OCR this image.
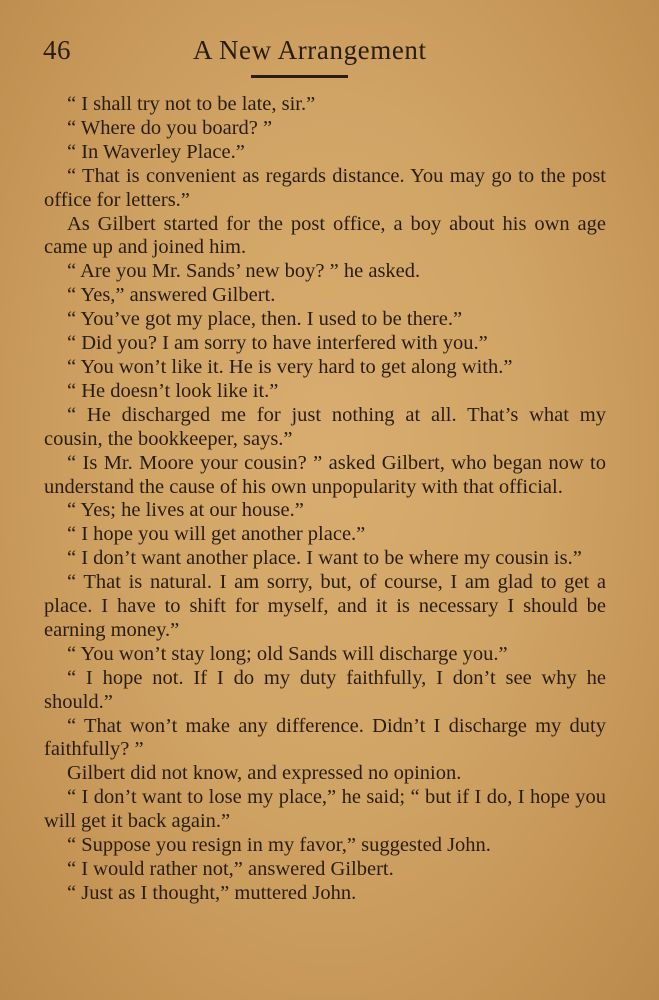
46	A New Arrangement

“ I shall try not to be late, sir.”

“ Where do you board? ”

“ In Waverley Place.”

“ That is convenient as regards distance. You may go to the post office for letters.”

As Gilbert started for the post office, a boy about his own age came up and joined him.

“ Are you Mr. Sands’ new boy? ” he asked.

“ Yes,” answered Gilbert.

“ You’ve got my place, then. I used to be there.”

“ Did you? I am sorry to have interfered with you.”

“ You won’t like it. He is very hard to get along with.”

“ He doesn’t look like it.”

“ He discharged me for just nothing at all. That’s what my cousin, the bookkeeper, says.”

“ Is Mr. Moore your cousin? ” asked Gilbert, who began now to understand the cause of his own unpopularity with that official.

“ Yes; he lives at our house.”

“ I hope you will get another place.”

“ I don’t want another place. I want to be where my cousin is.”

“ That is natural. I am sorry, but, of course, I am glad to get a place. I have to shift for myself, and it is necessary I should be earning money.”

“ You won’t stay long; old Sands will discharge you.”

“ I hope not. If I do my duty faithfully, I don’t see why he should.”

“ That won’t make any difference. Didn’t I discharge my duty faithfully? ”

Gilbert did not know, and expressed no opinion.

“ I don’t want to lose my place,” he said; “ but if I do, I hope you will get it back again.”

“ Suppose you resign in my favor,” suggested John.

“ I would rather not,” answered Gilbert.

“ Just as I thought,” muttered John.
